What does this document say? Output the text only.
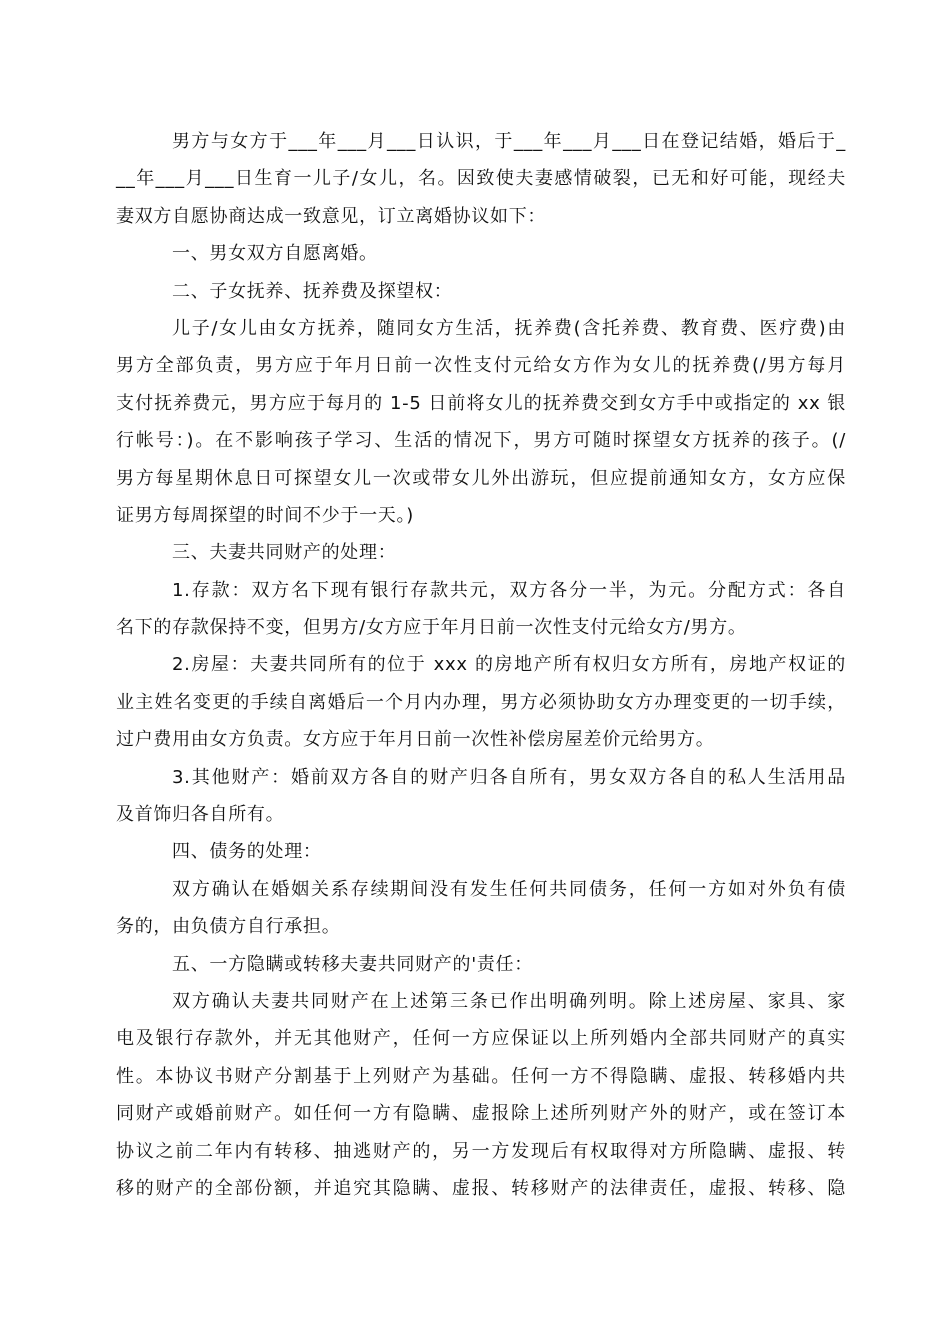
男方与女方于___年___月___日认识，于___年___月___日在登记结婚，婚后于_
__年___月___日生育一儿子/女儿，名。因致使夫妻感情破裂，已无和好可能，现经夫
妻双方自愿协商达成一致意见，订立离婚协议如下：
一、男女双方自愿离婚。
二、子女抚养、抚养费及探望权：
儿子/女儿由女方抚养，随同女方生活，抚养费(含托养费、教育费、医疗费)由
男方全部负责，男方应于年月日前一次性支付元给女方作为女儿的抚养费(/男方每月
支付抚养费元，男方应于每月的 1-5 日前将女儿的抚养费交到女方手中或指定的 xx 银
行帐号：)。在不影响孩子学习、生活的情况下，男方可随时探望女方抚养的孩子。(/
男方每星期休息日可探望女儿一次或带女儿外出游玩，但应提前通知女方，女方应保
证男方每周探望的时间不少于一天。)
三、夫妻共同财产的处理：
1.存款：双方名下现有银行存款共元，双方各分一半，为元。分配方式：各自
名下的存款保持不变，但男方/女方应于年月日前一次性支付元给女方/男方。
2.房屋：夫妻共同所有的位于 xxx 的房地产所有权归女方所有，房地产权证的
业主姓名变更的手续自离婚后一个月内办理，男方必须协助女方办理变更的一切手续，
过户费用由女方负责。女方应于年月日前一次性补偿房屋差价元给男方。
3.其他财产：婚前双方各自的财产归各自所有，男女双方各自的私人生活用品
及首饰归各自所有。
四、债务的处理：
双方确认在婚姻关系存续期间没有发生任何共同债务，任何一方如对外负有债
务的，由负债方自行承担。
五、一方隐瞒或转移夫妻共同财产的'责任：
双方确认夫妻共同财产在上述第三条已作出明确列明。除上述房屋、家具、家
电及银行存款外，并无其他财产，任何一方应保证以上所列婚内全部共同财产的真实
性。本协议书财产分割基于上列财产为基础。任何一方不得隐瞒、虚报、转移婚内共
同财产或婚前财产。如任何一方有隐瞒、虚报除上述所列财产外的财产，或在签订本
协议之前二年内有转移、抽逃财产的，另一方发现后有权取得对方所隐瞒、虚报、转
移的财产的全部份额，并追究其隐瞒、虚报、转移财产的法律责任，虚报、转移、隐
